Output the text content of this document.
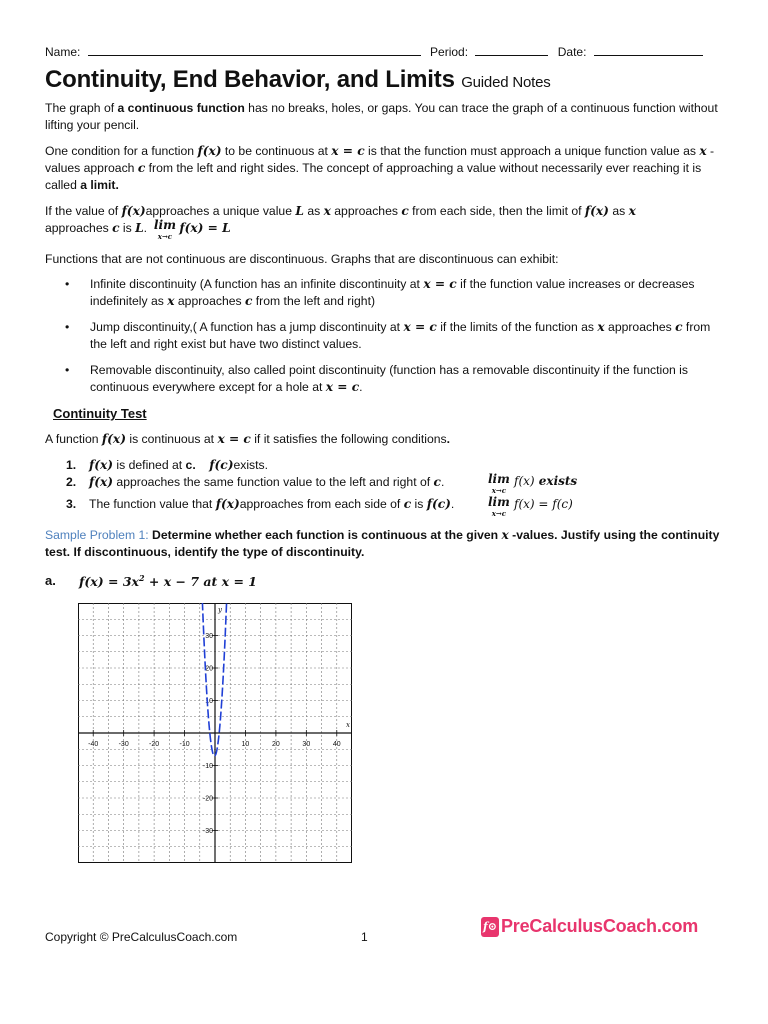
Name:	Period:	Date:
Continuity, End Behavior, and Limits Guided Notes

The graph of a continuous function has no breaks, holes, or gaps. You can trace the graph of a continuous function without lifting your pencil.

One condition for a function f(x) to be continuous at x = c is that the function must approach a unique function value as x -values approach c from the left and right sides. The concept of approaching a value without necessarily ever reaching it is called a limit.

If the value of f(x)approaches a unique value L as x approaches c from each side, then the limit of f(x) as x
approaches c is L. lim
x→c
f(x) = L

Functions that are not continuous are discontinuous. Graphs that are discontinuous can exhibit:

• Infinite discontinuity (A function has an infinite discontinuity at x = c if the function value increases or decreases indefinitely as x approaches c from the left and right)
• Jump discontinuity,( A function has a jump discontinuity at x = c if the limits of the function as x approaches c from the left and right exist but have two distinct values.
• Removable discontinuity, also called point discontinuity (function has a removable discontinuity if the function is continuous everywhere except for a hole at x = c.
Continuity Test

A function f(x) is continuous at x = c if it satisfies the following conditions.

1. f(x) is defined at c. f(c)exists.
2. f(x) approaches the same function value to the left and right of c.
3. The function value that f(x)approaches from each side of c is f(c).
lim
x→c
f(x) exists
lim
x→c
f(x) = f(c)

Sample Problem 1: Determine whether each function is continuous at the given x -values. Justify using the continuity test. If discontinuous, identify the type of discontinuity.

a. $f(x) = 3x^2 + x - 7$ at x = 1
-40	-30	-20	-10	10	20	30	40
30
20
10
-10
-20
-30
x
y
Copyright © PreCalculusCoach.com	1
f⊙ PreCalculusCoach.com
